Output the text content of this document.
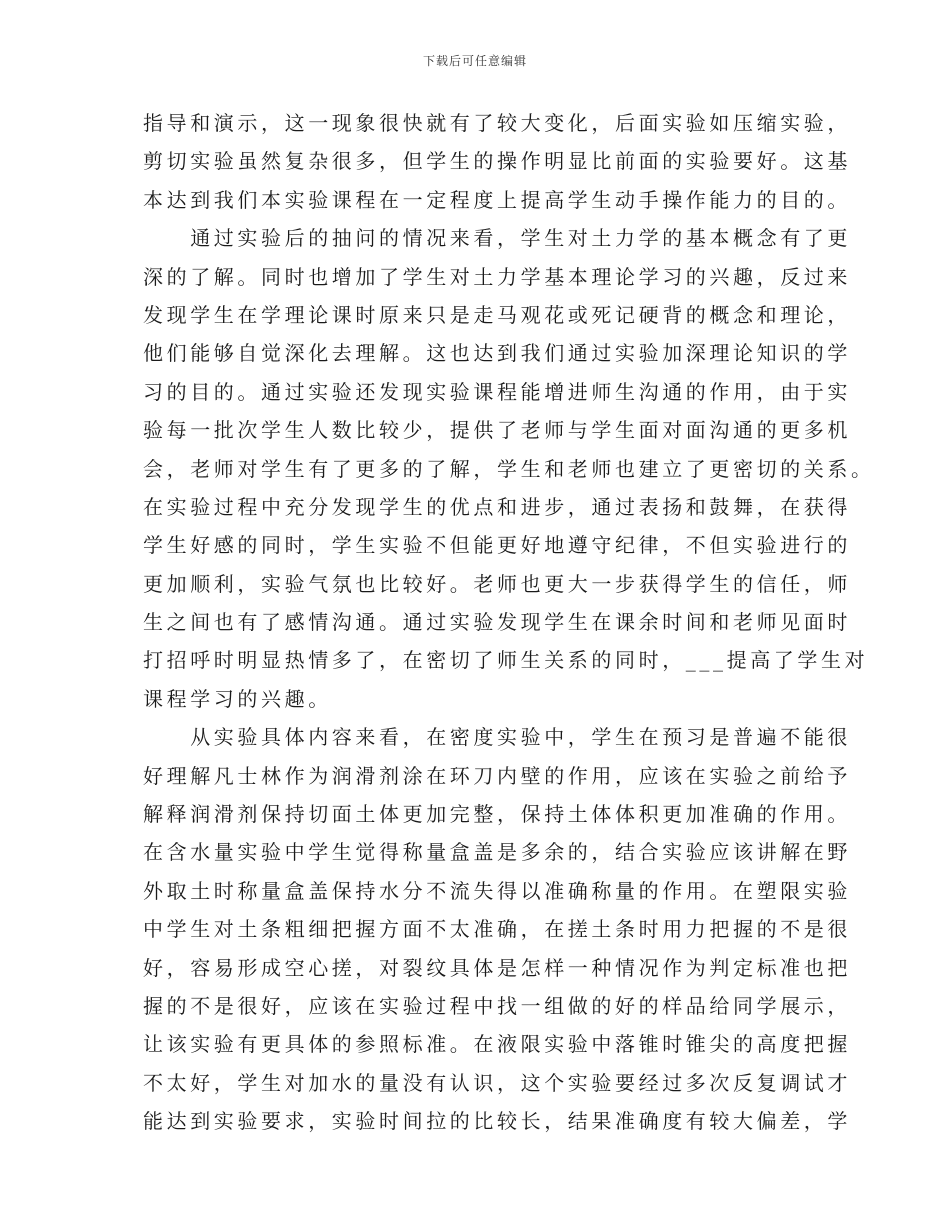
下载后可任意编辑
指导和演示，这一现象很快就有了较大变化，后面实验如压缩实验，
剪切实验虽然复杂很多，但学生的操作明显比前面的实验要好。这基
本达到我们本实验课程在一定程度上提高学生动手操作能力的目的。
　　通过实验后的抽问的情况来看，学生对土力学的基本概念有了更
深的了解。同时也增加了学生对土力学基本理论学习的兴趣，反过来
发现学生在学理论课时原来只是走马观花或死记硬背的概念和理论，
他们能够自觉深化去理解。这也达到我们通过实验加深理论知识的学
习的目的。通过实验还发现实验课程能增进师生沟通的作用，由于实
验每一批次学生人数比较少，提供了老师与学生面对面沟通的更多机
会，老师对学生有了更多的了解，学生和老师也建立了更密切的关系。
在实验过程中充分发现学生的优点和进步，通过表扬和鼓舞，在获得
学生好感的同时，学生实验不但能更好地遵守纪律，不但实验进行的
更加顺利，实验气氛也比较好。老师也更大一步获得学生的信任，师
生之间也有了感情沟通。通过实验发现学生在课余时间和老师见面时
打招呼时明显热情多了，在密切了师生关系的同时，___提高了学生对
课程学习的兴趣。
　　从实验具体内容来看，在密度实验中，学生在预习是普遍不能很
好理解凡士林作为润滑剂涂在环刀内壁的作用，应该在实验之前给予
解释润滑剂保持切面土体更加完整，保持土体体积更加准确的作用。
在含水量实验中学生觉得称量盒盖是多余的，结合实验应该讲解在野
外取土时称量盒盖保持水分不流失得以准确称量的作用。在塑限实验
中学生对土条粗细把握方面不太准确，在搓土条时用力把握的不是很
好，容易形成空心搓，对裂纹具体是怎样一种情况作为判定标准也把
握的不是很好，应该在实验过程中找一组做的好的样品给同学展示，
让该实验有更具体的参照标准。在液限实验中落锥时锥尖的高度把握
不太好，学生对加水的量没有认识，这个实验要经过多次反复调试才
能达到实验要求，实验时间拉的比较长，结果准确度有较大偏差，学
